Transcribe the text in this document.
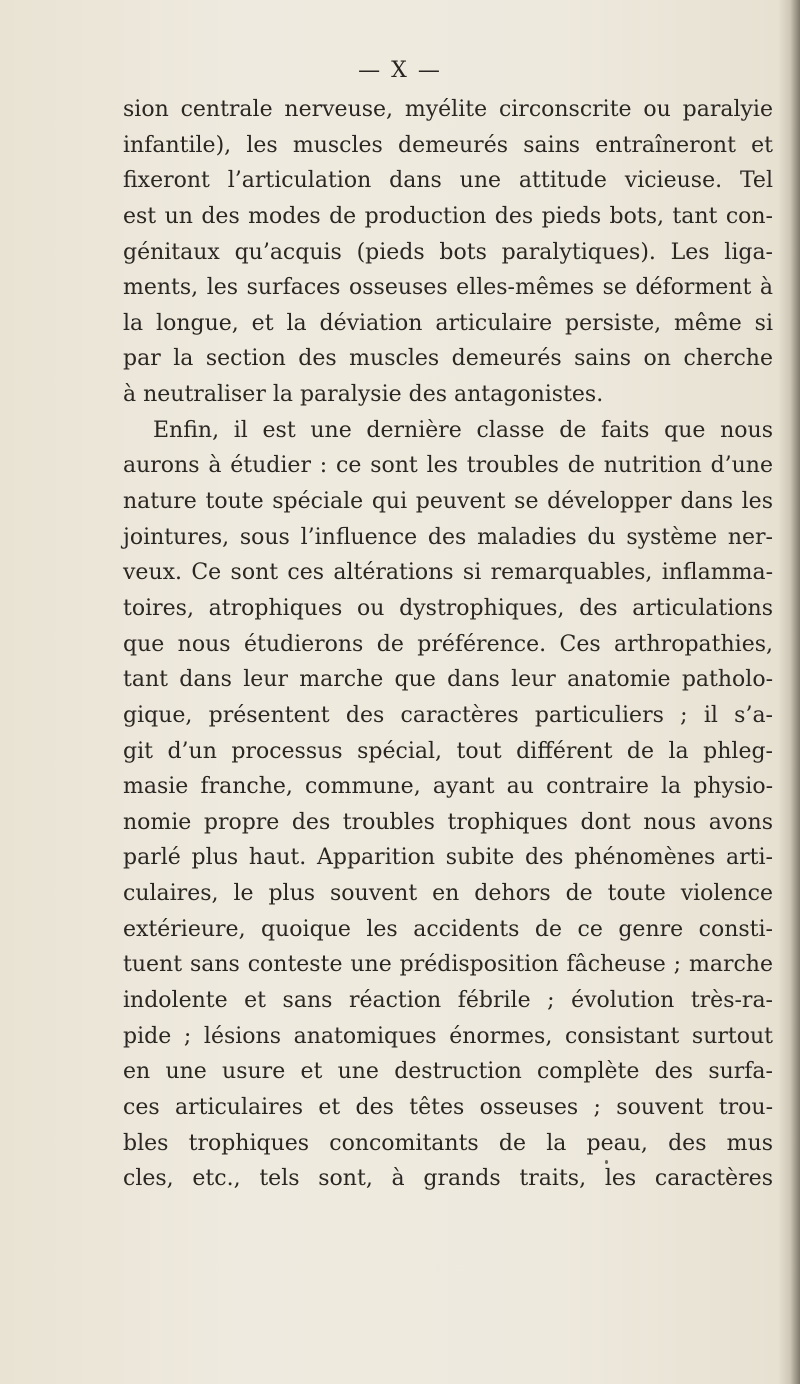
— X —
sion centrale nerveuse, myélite circonscrite ou paralyie
infantile), les muscles demeurés sains entraîneront et
fixeront l’articulation dans une attitude vicieuse. Tel
est un des modes de production des pieds bots, tant con-
génitaux qu’acquis (pieds bots paralytiques). Les liga-
ments, les surfaces osseuses elles-mêmes se déforment à
la longue, et la déviation articulaire persiste, même si
par la section des muscles demeurés sains on cherche
à neutraliser la paralysie des antagonistes.
Enfin, il est une dernière classe de faits que nous
aurons à étudier : ce sont les troubles de nutrition d’une
nature toute spéciale qui peuvent se développer dans les
jointures, sous l’influence des maladies du système ner-
veux. Ce sont ces altérations si remarquables, inflamma-
toires, atrophiques ou dystrophiques, des articulations
que nous étudierons de préférence. Ces arthropathies,
tant dans leur marche que dans leur anatomie patholo-
gique, présentent des caractères particuliers ; il s’a-
git d’un processus spécial, tout différent de la phleg-
masie franche, commune, ayant au contraire la physio-
nomie propre des troubles trophiques dont nous avons
parlé plus haut. Apparition subite des phénomènes arti-
culaires, le plus souvent en dehors de toute violence
extérieure, quoique les accidents de ce genre consti-
tuent sans conteste une prédisposition fâcheuse ; marche
indolente et sans réaction fébrile ; évolution très-ra-
pide ; lésions anatomiques énormes, consistant surtout
en une usure et une destruction complète des surfa-
ces articulaires et des têtes osseuses ; souvent trou-
bles trophiques concomitants de la peau, des mus
cles, etc., tels sont, à grands traits, les caractères
